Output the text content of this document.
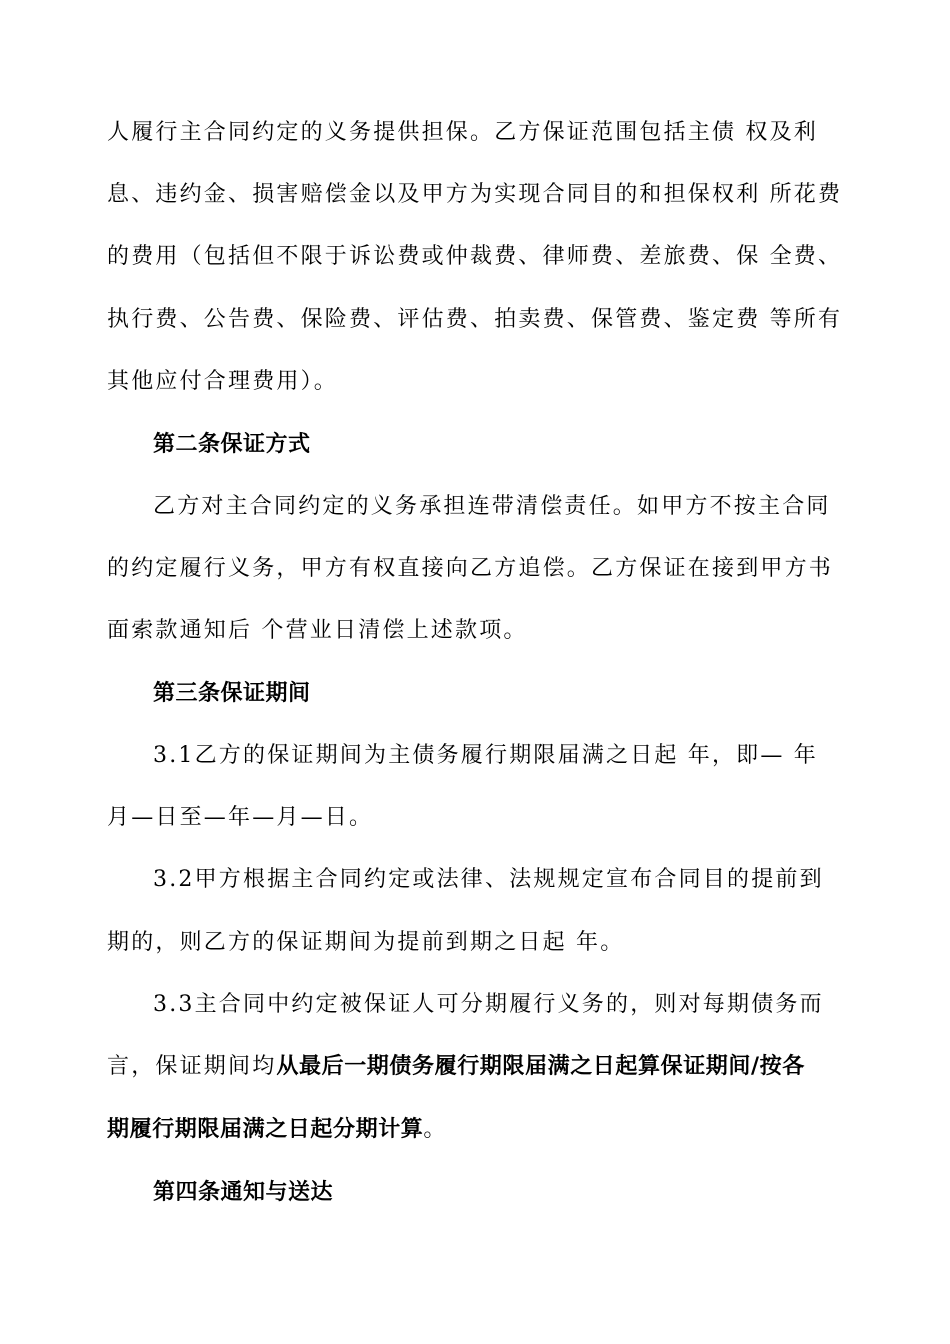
人履行主合同约定的义务提供担保。乙方保证范围包括主债 权及利
息、违约金、损害赔偿金以及甲方为实现合同目的和担保权利 所花费
的费用（包括但不限于诉讼费或仲裁费、律师费、差旅费、保 全费、
执行费、公告费、保险费、评估费、拍卖费、保管费、鉴定费 等所有
其他应付合理费用）。
第二条保证方式
乙方对主合同约定的义务承担连带清偿责任。如甲方不按主合同
的约定履行义务，甲方有权直接向乙方追偿。乙方保证在接到甲方书
面索款通知后 个营业日清偿上述款项。
第三条保证期间
3.1乙方的保证期间为主债务履行期限届满之日起 年，即— 年
月—日至—年—月—日。
3.2甲方根据主合同约定或法律、法规规定宣布合同目的提前到
期的，则乙方的保证期间为提前到期之日起 年。
3.3主合同中约定被保证人可分期履行义务的，则对每期债务而
言，保证期间均从最后一期债务履行期限届满之日起算保证期间/按各
期履行期限届满之日起分期计算。
第四条通知与送达
